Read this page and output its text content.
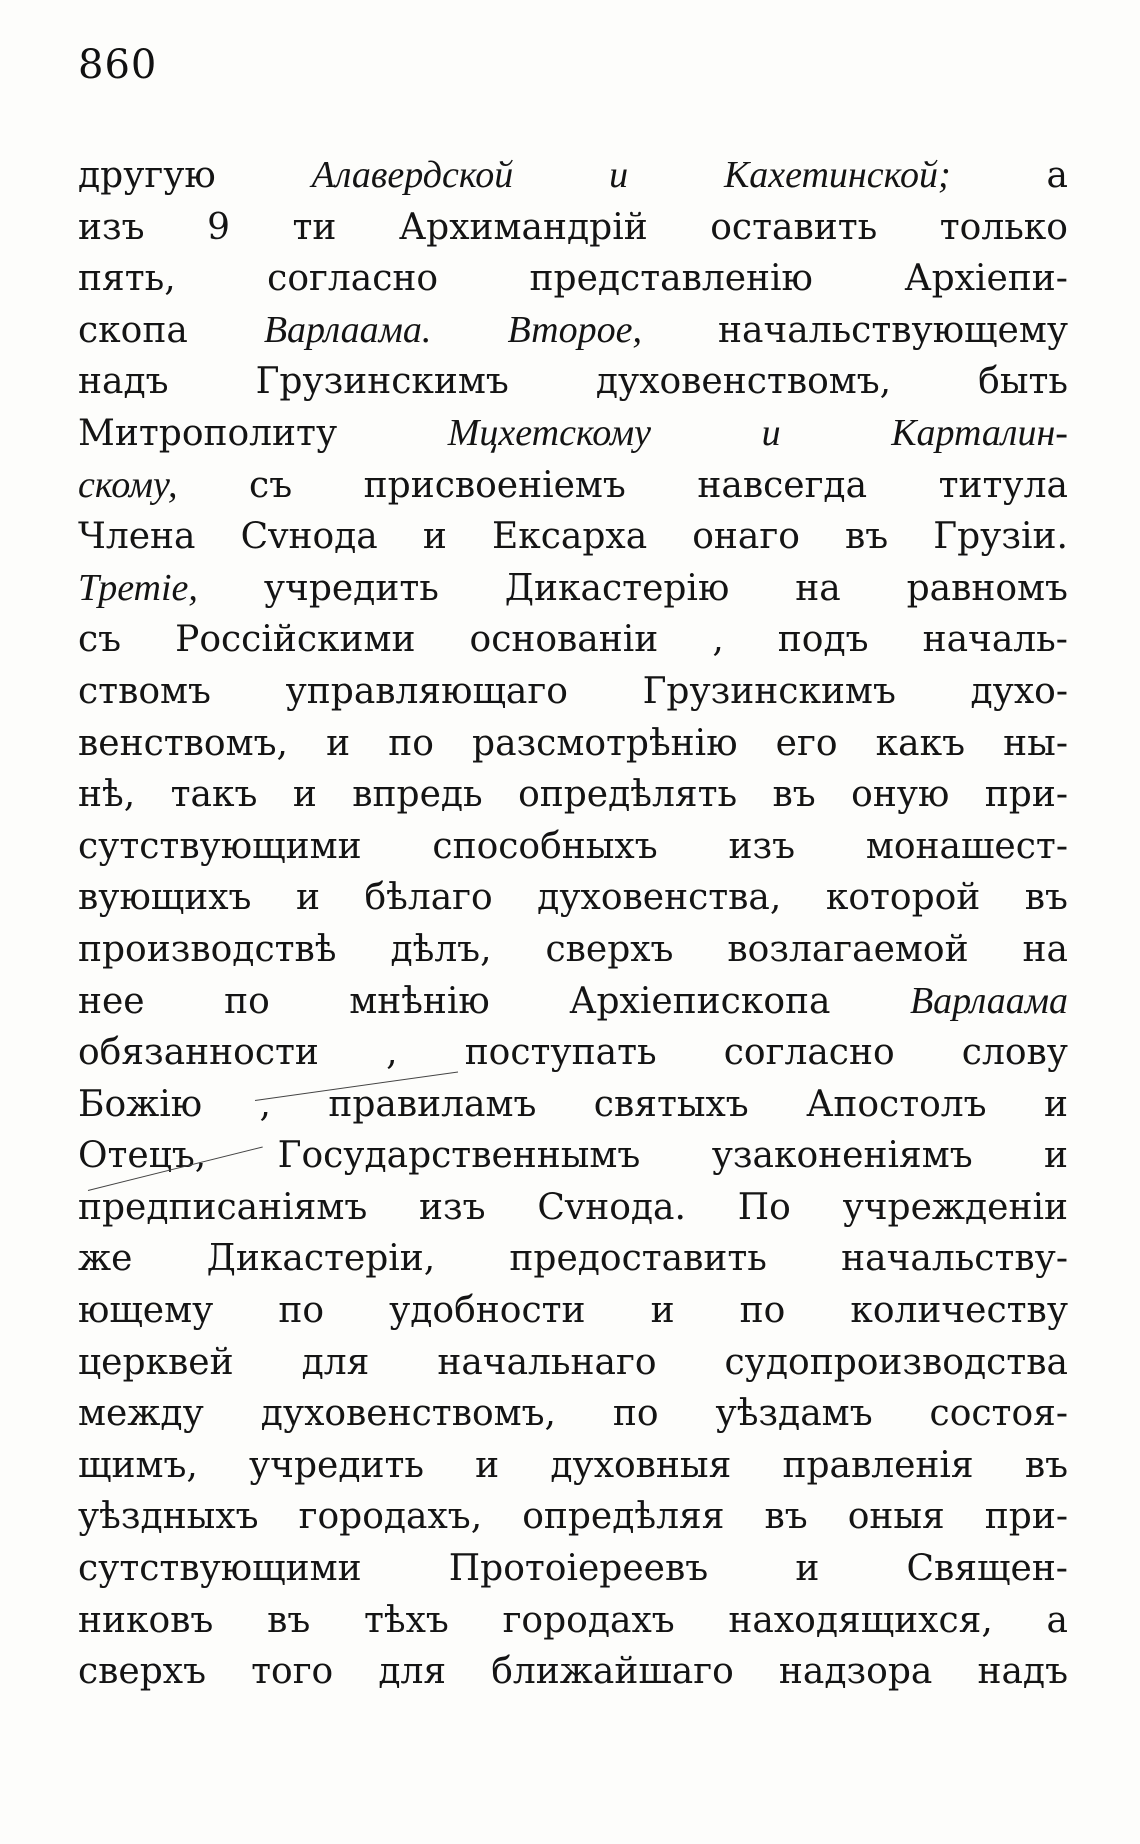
860
другую	Алавердской	и	Кахетинской;	а
изъ 9 ти Архимандрій оставить только
пять,	согласно	представленію	Архіепи-
скопа Варлаама. Второе, начальствующему
надъ Грузинскимъ духовенствомъ, быть
Митрополиту	Мцхетскому	и	Карталин-
скому, съ присвоеніемъ навсегда титула
Члена Сvнода и Ексарха онаго въ Грузіи.
Третіе, учредить Дикастерію на равномъ
съ Россійскими основаніи , подъ началь-
ствомъ управляющаго Грузинскимъ духо-
венствомъ, и по разсмотрѣнію его какъ ны-
нѣ, такъ и впредь опредѣлять въ оную при-
сутствующими способныхъ изъ монашест-
вующихъ и бѣлаго духовенства, которой въ
производствѣ дѣлъ, сверхъ возлагаемой на
нее по мнѣнію Архіепископа Варлаама
обязанности , поступать согласно слову
Божію , правиламъ святыхъ Апостолъ и
Отецъ, Государственнымъ узаконеніямъ и
предписаніямъ изъ Сvнода. По учрежденіи
же Дикастеріи, предоставить начальству-
ющему по удобности и по количеству
церквей для начальнаго судопроизводства
между духовенствомъ, по уѣздамъ состоя-
щимъ, учредить и духовныя правленія въ
уѣздныхъ городахъ, опредѣляя въ оныя при-
сутствующими Протоіереевъ и Священ-
никовъ въ тѣхъ городахъ находящихся, а
сверхъ того для ближайшаго надзора надъ
